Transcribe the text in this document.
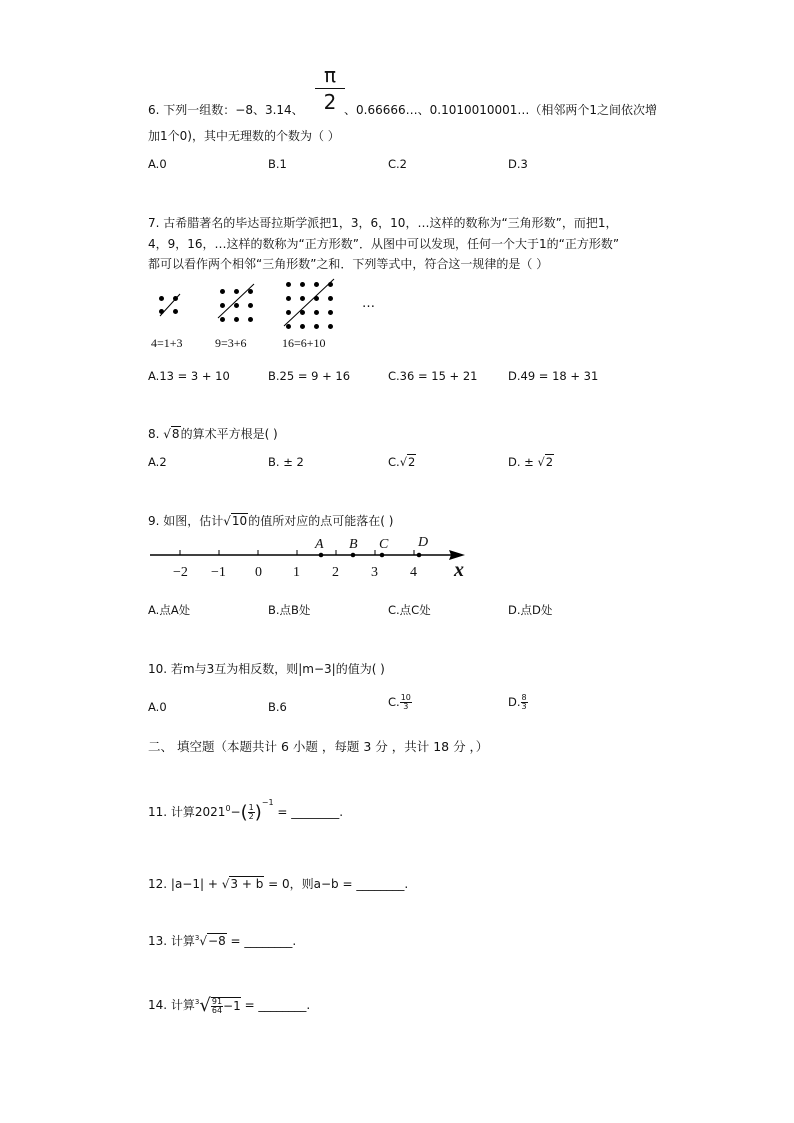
$\frac{\pi}{2}$
6. 下列一组数：−8、3.14、	、0.66666…、0.1010010001…（相邻两个1之间依次增
加1个0)，其中无理数的个数为（ ）
A.0	B.1	C.2	D.3
7. 古希腊著名的毕达哥拉斯学派把1，3，6，10，…这样的数称为“三角形数”，而把1，
4，9，16，…这样的数称为“正方形数”．从图中可以发现，任何一个大于1的“正方形数”
都可以看作两个相邻“三角形数”之和．下列等式中，符合这一规律的是（ ）
…
4=1+3	9=3+6	16=6+10
A.13 = 3 + 10	B.25 = 9 + 16	C.36 = 15 + 21	D.49 = 18 + 31
8. √8的算术平方根是( )
A.2	B. ± 2	C.√2	D. ± √2
9. 如图，估计√10的值所对应的点可能落在( )
−2 −1 0 1 2 3 4
A B C D
x
A.点A处	B.点B处	C.点C处	D.点D处
10. 若m与3互为相反数，则|m−3|的值为( )
A.0	B.6	C. $\frac{10}{3}$	D. $\frac{8}{3}$
二、 填空题（本题共计 6 小题 ，每题 3 分 ，共计 18 分 ，）
11. 计算$2021^0-( \frac{1}{2} )^{-1}$ = ________.
12. |a−1| + √3 + b = 0，则a−b = ________.
13. 计算$^3$√−8 = ________.
14. 计算$^3√ \frac{91}{64} -1$ = ________.
